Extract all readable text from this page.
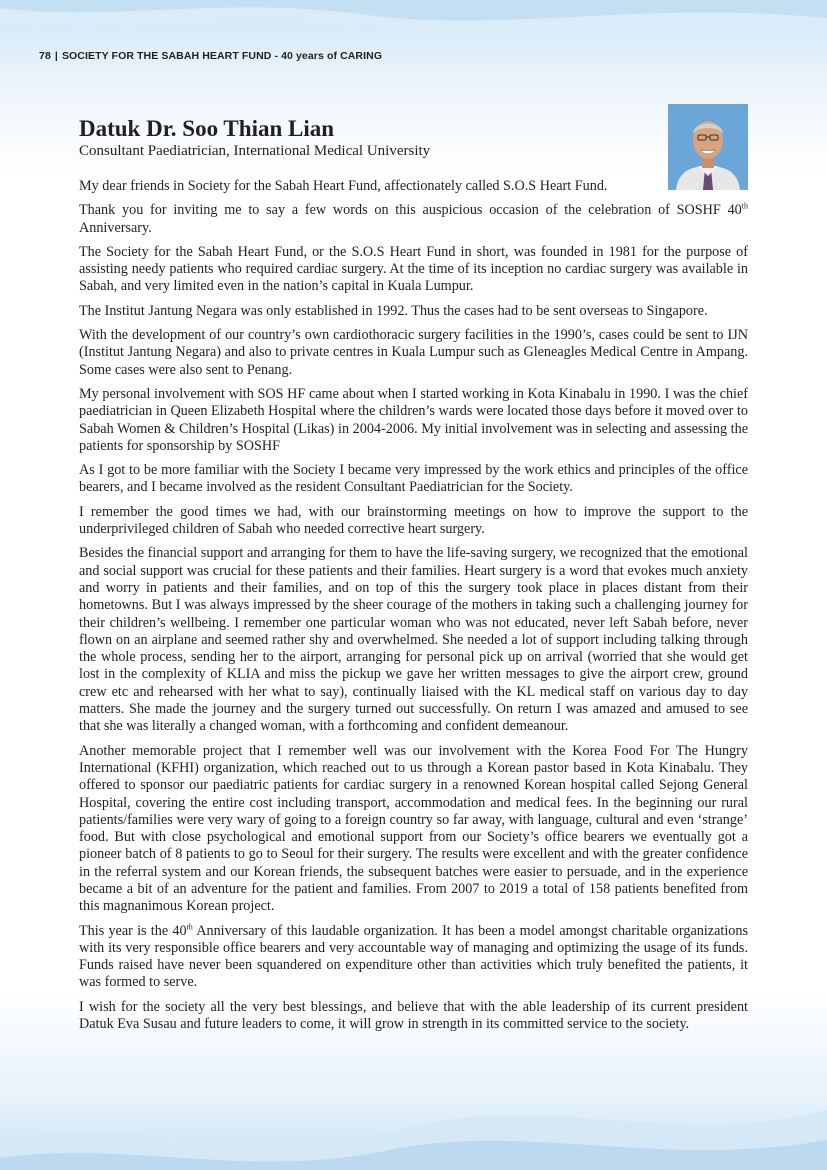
78 | SOCIETY FOR THE SABAH HEART FUND - 40 years of CARING
Datuk Dr. Soo Thian Lian
Consultant Paediatrician, International Medical University

My dear friends in Society for the Sabah Heart Fund, affectionately called S.O.S Heart Fund.

Thank you for inviting me to say a few words on this auspicious occasion of the celebration of SOSHF 40th Anniversary.

The Society for the Sabah Heart Fund, or the S.O.S Heart Fund in short, was founded in 1981 for the purpose of assisting needy patients who required cardiac surgery. At the time of its inception no cardiac surgery was available in Sabah, and very limited even in the nation’s capital in Kuala Lumpur.

The Institut Jantung Negara was only established in 1992. Thus the cases had to be sent overseas to Singapore.

With the development of our country’s own cardiothoracic surgery facilities in the 1990’s, cases could be sent to IJN (Institut Jantung Negara) and also to private centres in Kuala Lumpur such as Gleneagles Medical Centre in Ampang. Some cases were also sent to Penang.

My personal involvement with SOS HF came about when I started working in Kota Kinabalu in 1990. I was the chief paediatrician in Queen Elizabeth Hospital where the children’s wards were located those days before it moved over to Sabah Women & Children’s Hospital (Likas) in 2004-2006. My initial involvement was in selecting and assessing the patients for sponsorship by SOSHF

As I got to be more familiar with the Society I became very impressed by the work ethics and principles of the office bearers, and I became involved as the resident Consultant Paediatrician for the Society.

I remember the good times we had, with our brainstorming meetings on how to improve the support to the underprivileged children of Sabah who needed corrective heart surgery.

Besides the financial support and arranging for them to have the life-saving surgery, we recognized that the emotional and social support was crucial for these patients and their families. Heart surgery is a word that evokes much anxiety and worry in patients and their families, and on top of this the surgery took place in places distant from their hometowns. But I was always impressed by the sheer courage of the mothers in taking such a challenging journey for their children’s wellbeing. I remember one particular woman who was not educated, never left Sabah before, never flown on an airplane and seemed rather shy and overwhelmed. She needed a lot of support including talking through the whole process, sending her to the airport, arranging for personal pick up on arrival (worried that she would get lost in the complexity of KLIA and miss the pickup we gave her written messages to give the airport crew, ground crew etc and rehearsed with her what to say), continually liaised with the KL medical staff on various day to day matters. She made the journey and the surgery turned out successfully. On return I was amazed and amused to see that she was literally a changed woman, with a forthcoming and confident demeanour.

Another memorable project that I remember well was our involvement with the Korea Food For The Hungry International (KFHI) organization, which reached out to us through a Korean pastor based in Kota Kinabalu. They offered to sponsor our paediatric patients for cardiac surgery in a renowned Korean hospital called Sejong General Hospital, covering the entire cost including transport, accommodation and medical fees. In the beginning our rural patients/families were very wary of going to a foreign country so far away, with language, cultural and even ‘strange’ food. But with close psychological and emotional support from our Society’s office bearers we eventually got a pioneer batch of 8 patients to go to Seoul for their surgery. The results were excellent and with the greater confidence in the referral system and our Korean friends, the subsequent batches were easier to persuade, and in the experience became a bit of an adventure for the patient and families. From 2007 to 2019 a total of 158 patients benefited from this magnanimous Korean project.

This year is the 40th Anniversary of this laudable organization. It has been a model amongst charitable organizations with its very responsible office bearers and very accountable way of managing and optimizing the usage of its funds. Funds raised have never been squandered on expenditure other than activities which truly benefited the patients, it was formed to serve.

I wish for the society all the very best blessings, and believe that with the able leadership of its current president Datuk Eva Susau and future leaders to come, it will grow in strength in its committed service to the society.
